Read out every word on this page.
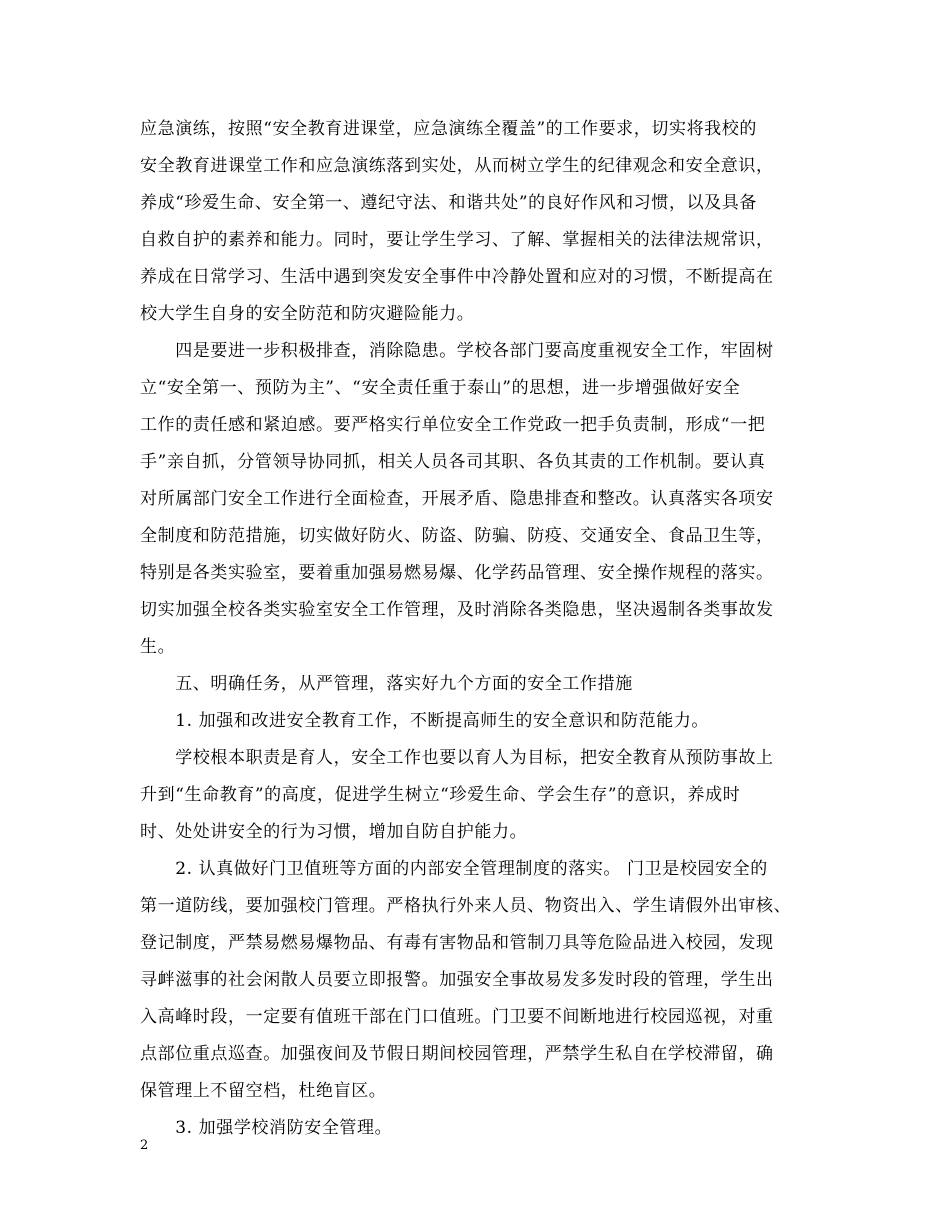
应急演练，按照“安全教育进课堂，应急演练全覆盖”的工作要求，切实将我校的
安全教育进课堂工作和应急演练落到实处，从而树立学生的纪律观念和安全意识，
养成“珍爱生命、安全第一、遵纪守法、和谐共处”的良好作风和习惯，以及具备
自救自护的素养和能力。同时，要让学生学习、了解、掌握相关的法律法规常识，
养成在日常学习、生活中遇到突发安全事件中冷静处置和应对的习惯，不断提高在
校大学生自身的安全防范和防灾避险能力。
　　四是要进一步积极排查，消除隐患。学校各部门要高度重视安全工作，牢固树
立“安全第一、预防为主”、“安全责任重于泰山”的思想，进一步增强做好安全
工作的责任感和紧迫感。要严格实行单位安全工作党政一把手负责制，形成“一把
手”亲自抓，分管领导协同抓，相关人员各司其职、各负其责的工作机制。要认真
对所属部门安全工作进行全面检查，开展矛盾、隐患排查和整改。认真落实各项安
全制度和防范措施，切实做好防火、防盗、防骗、防疫、交通安全、食品卫生等，
特别是各类实验室，要着重加强易燃易爆、化学药品管理、安全操作规程的落实。
切实加强全校各类实验室安全工作管理，及时消除各类隐患，坚决遏制各类事故发
生。
　　五、明确任务，从严管理，落实好九个方面的安全工作措施
　　1. 加强和改进安全教育工作，不断提高师生的安全意识和防范能力。
　　学校根本职责是育人，安全工作也要以育人为目标，把安全教育从预防事故上
升到“生命教育”的高度，促进学生树立“珍爱生命、学会生存”的意识，养成时
时、处处讲安全的行为习惯，增加自防自护能力。
　　2. 认真做好门卫值班等方面的内部安全管理制度的落实。 门卫是校园安全的
第一道防线，要加强校门管理。严格执行外来人员、物资出入、学生请假外出审核、
登记制度，严禁易燃易爆物品、有毒有害物品和管制刀具等危险品进入校园，发现
寻衅滋事的社会闲散人员要立即报警。加强安全事故易发多发时段的管理，学生出
入高峰时段，一定要有值班干部在门口值班。门卫要不间断地进行校园巡视，对重
点部位重点巡查。加强夜间及节假日期间校园管理，严禁学生私自在学校滞留，确
保管理上不留空档，杜绝盲区。
　　3. 加强学校消防安全管理。
2
